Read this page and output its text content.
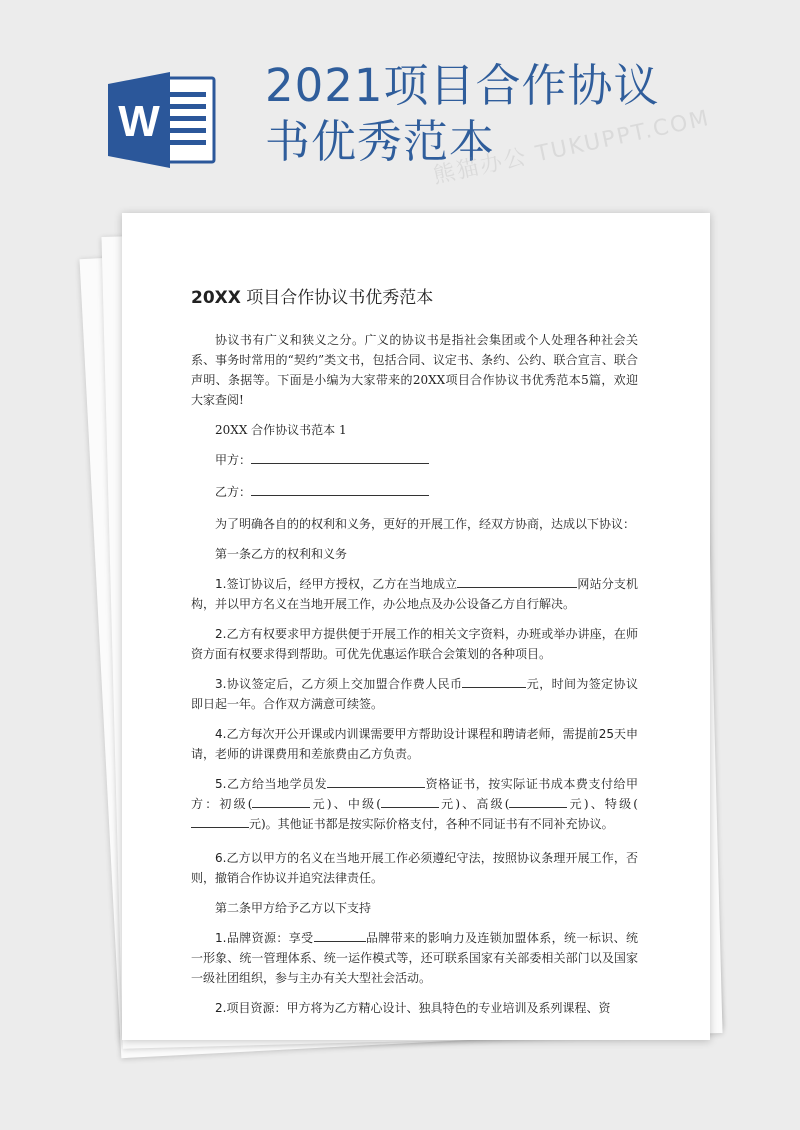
W
2021项目合作协议
书优秀范本
熊猫办公 TUKUPPT.COM
20XX 项目合作协议书优秀范本

协议书有广义和狭义之分。广义的协议书是指社会集团或个人处理各种社会关系、事务时常用的“契约”类文书，包括合同、议定书、条约、公约、联合宣言、联合声明、条据等。下面是小编为大家带来的20XX项目合作协议书优秀范本5篇，欢迎大家查阅!

20XX 合作协议书范本 1

甲方：
乙方：

为了明确各自的的权利和义务，更好的开展工作，经双方协商，达成以下协议：

第一条乙方的权利和义务

1.签订协议后，经甲方授权，乙方在当地成立	网站分支机构，并以甲方名义在当地开展工作，办公地点及办公设备乙方自行解决。

2.乙方有权要求甲方提供便于开展工作的相关文字资料，办班或举办讲座，在师资方面有权要求得到帮助。可优先优惠运作联合会策划的各种项目。

3.协议签定后，乙方须上交加盟合作费人民币	元，时间为签定协议即日起一年。合作双方满意可续签。

4.乙方每次开公开课或内训课需要甲方帮助设计课程和聘请老师，需提前25天申请，老师的讲课费用和差旅费由乙方负责。

5.乙方给当地学员发	资格证书，按实际证书成本费支付给甲方：初级(	元)、中级(	元)、高级(	元)、特级(元)。其他证书都是按实际价格支付，各种不同证书有不同补充协议。

6.乙方以甲方的名义在当地开展工作必须遵纪守法，按照协议条理开展工作，否则，撤销合作协议并追究法律责任。

第二条甲方给予乙方以下支持

1.品牌资源：享受	品牌带来的影响力及连锁加盟体系，统一标识、统一形象、统一管理体系、统一运作模式等，还可联系国家有关部委相关部门以及国家一级社团组织，参与主办有关大型社会活动。

2.项目资源：甲方将为乙方精心设计、独具特色的专业培训及系列课程、资
